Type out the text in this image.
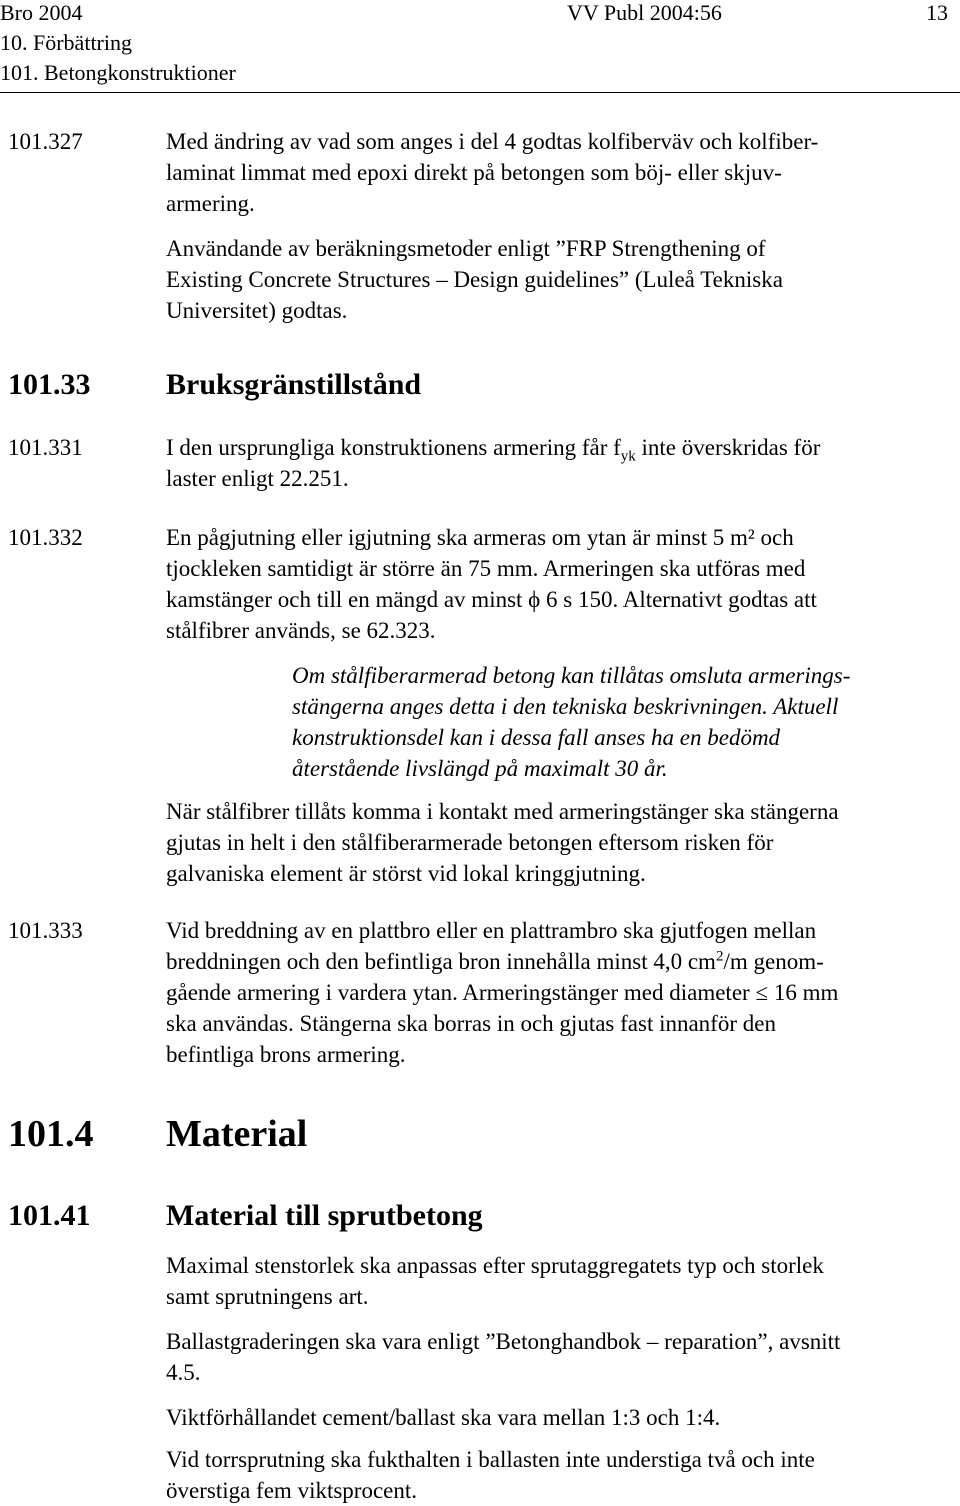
Bro 2004	VV Publ 2004:56	13
10. Förbättring
101. Betongkonstruktioner
101.327	Med ändring av vad som anges i del 4 godtas kolfiberväv och kolfiber-
laminat limmat med epoxi direkt på betongen som böj- eller skjuv-
armering.
Användande av beräkningsmetoder enligt ”FRP Strengthening of
Existing Concrete Structures – Design guidelines” (Luleå Tekniska
Universitet) godtas.
101.33	Bruksgränstillstånd
101.331	I den ursprungliga konstruktionens armering får $f_{yk}$ inte överskridas för
laster enligt 22.251.
101.332	En pågjutning eller igjutning ska armeras om ytan är minst 5 m² och
tjockleken samtidigt är större än 75 mm. Armeringen ska utföras med
kamstänger och till en mängd av minst ϕ 6 s 150. Alternativt godtas att
stålfibrer används, se 62.323.
Om stålfiberarmerad betong kan tillåtas omsluta armerings-
stängerna anges detta i den tekniska beskrivningen. Aktuell
konstruktionsdel kan i dessa fall anses ha en bedömd
återstående livslängd på maximalt 30 år.
När stålfibrer tillåts komma i kontakt med armeringstänger ska stängerna
gjutas in helt i den stålfiberarmerade betongen eftersom risken för
galvaniska element är störst vid lokal kringgjutning.
101.333	Vid breddning av en plattbro eller en plattrambro ska gjutfogen mellan
breddningen och den befintliga bron innehålla minst 4,0 $cm^2/m$ genom-
gående armering i vardera ytan. Armeringstänger med diameter ≤ 16 mm
ska användas. Stängerna ska borras in och gjutas fast innanför den
befintliga brons armering.
101.4 Material
101.41	Material till sprutbetong
Maximal stenstorlek ska anpassas efter sprutaggregatets typ och storlek
samt sprutningens art.
Ballastgraderingen ska vara enligt ”Betonghandbok – reparation”, avsnitt
4.5.
Viktförhållandet cement/ballast ska vara mellan 1:3 och 1:4.
Vid torrsprutning ska fukthalten i ballasten inte understiga två och inte
överstiga fem viktsprocent.
